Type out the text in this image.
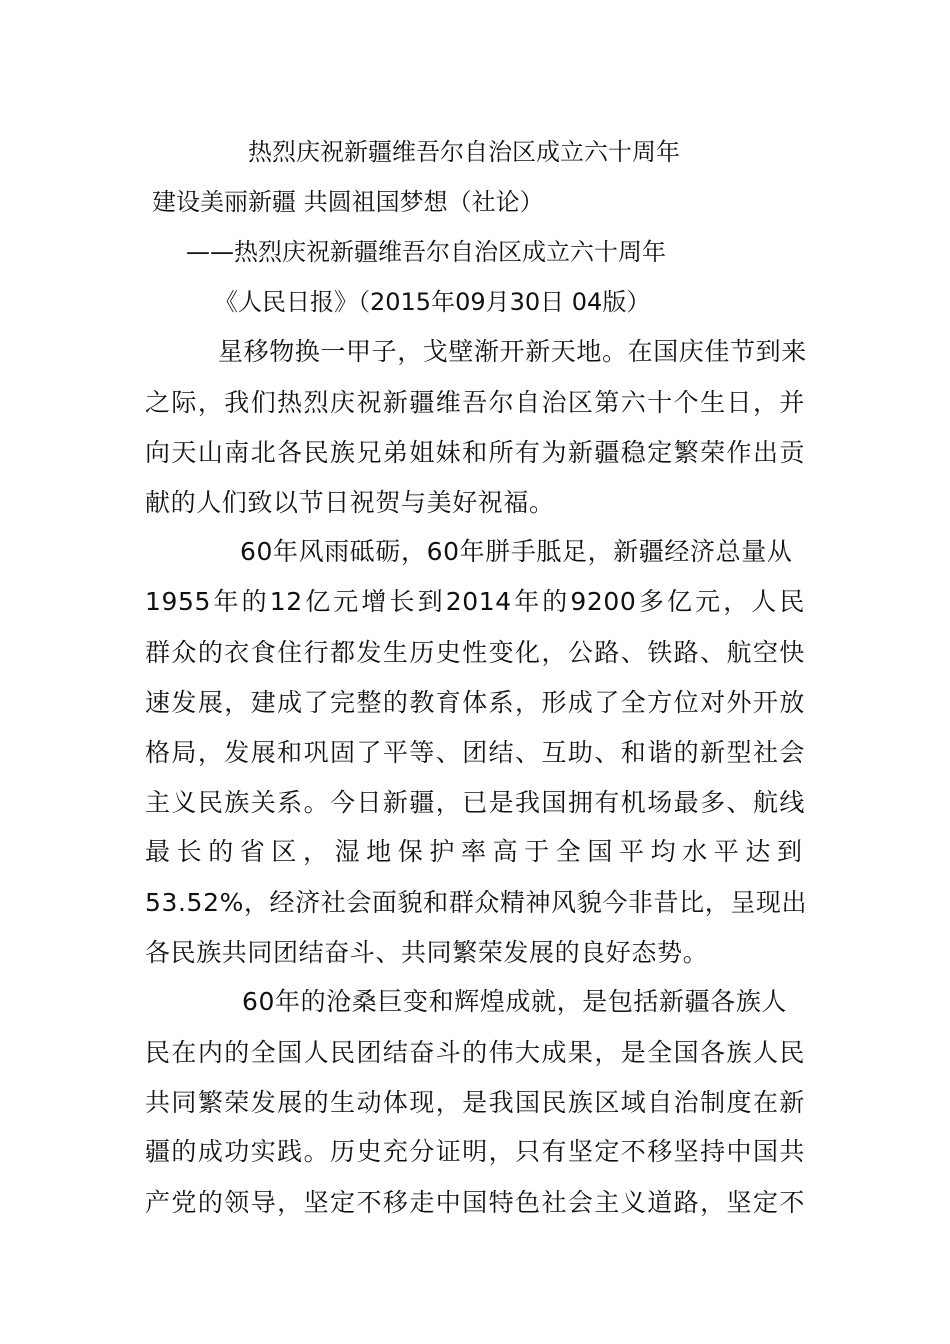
热烈庆祝新疆维吾尔自治区成立六十周年
建设美丽新疆 共圆祖国梦想（社论）
——热烈庆祝新疆维吾尔自治区成立六十周年
《人民日报》（2015年09月30日 04版）
星移物换一甲子，戈壁渐开新天地。在国庆佳节到来
之际，我们热烈庆祝新疆维吾尔自治区第六十个生日，并
向天山南北各民族兄弟姐妹和所有为新疆稳定繁荣作出贡
献的人们致以节日祝贺与美好祝福。
60年风雨砥砺，60年胼手胝足，新疆经济总量从
1955年的12亿元增长到2014年的9200多亿元，人民
群众的衣食住行都发生历史性变化，公路、铁路、航空快
速发展，建成了完整的教育体系，形成了全方位对外开放
格局，发展和巩固了平等、团结、互助、和谐的新型社会
主义民族关系。今日新疆，已是我国拥有机场最多、航线
最长的省区，湿地保护率高于全国平均水平达到
53.52%，经济社会面貌和群众精神风貌今非昔比，呈现出
各民族共同团结奋斗、共同繁荣发展的良好态势。
60年的沧桑巨变和辉煌成就，是包括新疆各族人
民在内的全国人民团结奋斗的伟大成果，是全国各族人民
共同繁荣发展的生动体现，是我国民族区域自治制度在新
疆的成功实践。历史充分证明，只有坚定不移坚持中国共
产党的领导，坚定不移走中国特色社会主义道路，坚定不
